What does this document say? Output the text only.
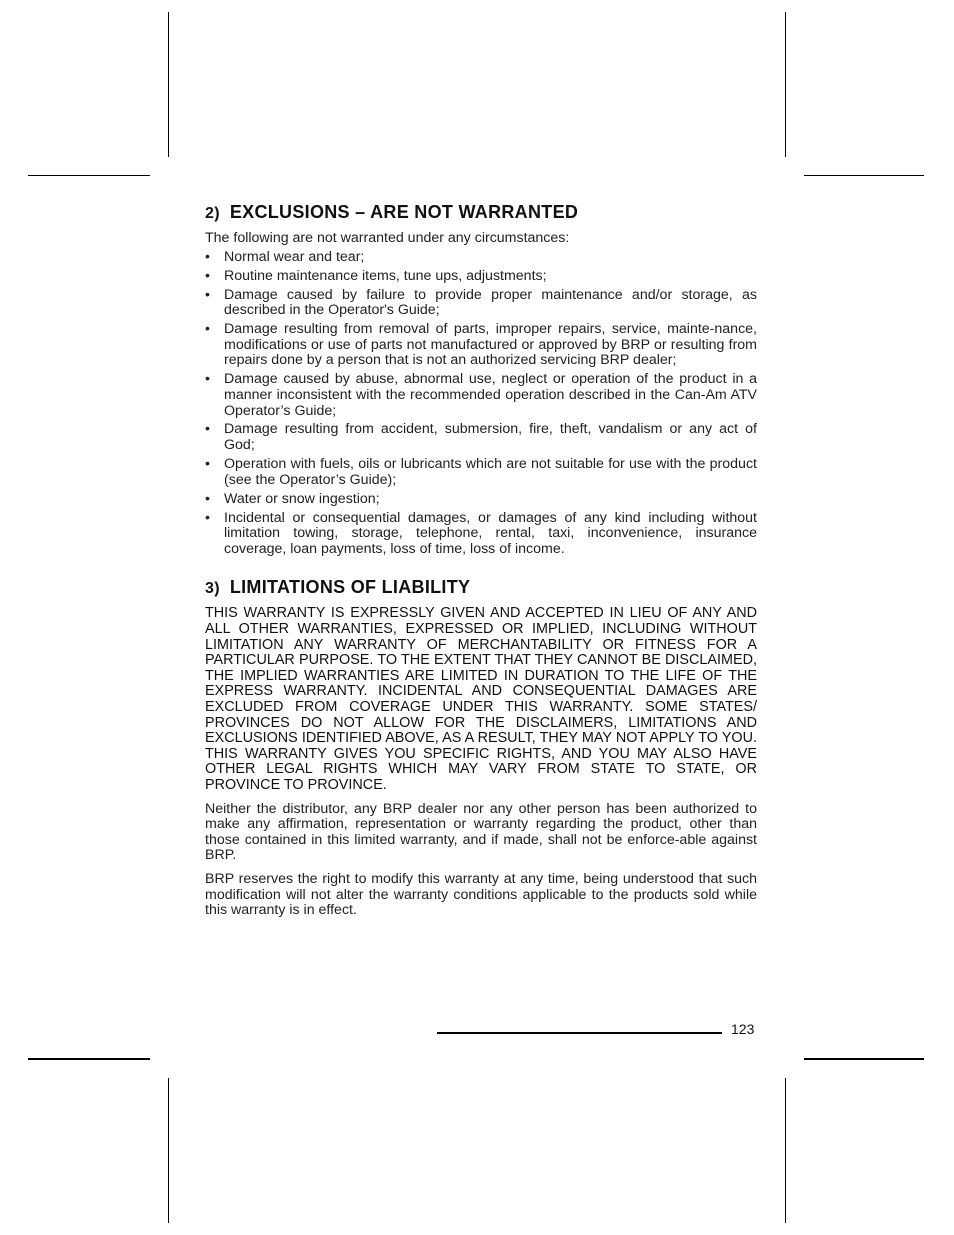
2) EXCLUSIONS – ARE NOT WARRANTED

The following are not warranted under any circumstances:

• Normal wear and tear;
• Routine maintenance items, tune ups, adjustments;
• Damage caused by failure to provide proper maintenance and/or storage, as described in the Operator's Guide;
• Damage resulting from removal of parts, improper repairs, service, mainte-nance, modifications or use of parts not manufactured or approved by BRP or resulting from repairs done by a person that is not an authorized servicing BRP dealer;
• Damage caused by abuse, abnormal use, neglect or operation of the product in a manner inconsistent with the recommended operation described in the Can-Am ATV Operator’s Guide;
• Damage resulting from accident, submersion, fire, theft, vandalism or any act of God;
• Operation with fuels, oils or lubricants which are not suitable for use with the product (see the Operator’s Guide);
• Water or snow ingestion;
• Incidental or consequential damages, or damages of any kind including without limitation towing, storage, telephone, rental, taxi, inconvenience, insurance coverage, loan payments, loss of time, loss of income.
3) LIMITATIONS OF LIABILITY

THIS WARRANTY IS EXPRESSLY GIVEN AND ACCEPTED IN LIEU OF ANY AND ALL OTHER WARRANTIES, EXPRESSED OR IMPLIED, INCLUDING WITHOUT LIMITATION ANY WARRANTY OF MERCHANTABILITY OR FITNESS FOR A PARTICULAR PURPOSE. TO THE EXTENT THAT THEY CANNOT BE DISCLAIMED, THE IMPLIED WARRANTIES ARE LIMITED IN DURATION TO THE LIFE OF THE EXPRESS WARRANTY. INCIDENTAL AND CONSEQUENTIAL DAMAGES ARE EXCLUDED FROM COVERAGE UNDER THIS WARRANTY. SOME STATES/ PROVINCES DO NOT ALLOW FOR THE DISCLAIMERS, LIMITATIONS AND EXCLUSIONS IDENTIFIED ABOVE, AS A RESULT, THEY MAY NOT APPLY TO YOU. THIS WARRANTY GIVES YOU SPECIFIC RIGHTS, AND YOU MAY ALSO HAVE OTHER LEGAL RIGHTS WHICH MAY VARY FROM STATE TO STATE, OR PROVINCE TO PROVINCE.

Neither the distributor, any BRP dealer nor any other person has been authorized to make any affirmation, representation or warranty regarding the product, other than those contained in this limited warranty, and if made, shall not be enforce-able against BRP.

BRP reserves the right to modify this warranty at any time, being understood that such modification will not alter the warranty conditions applicable to the products sold while this warranty is in effect.

123
